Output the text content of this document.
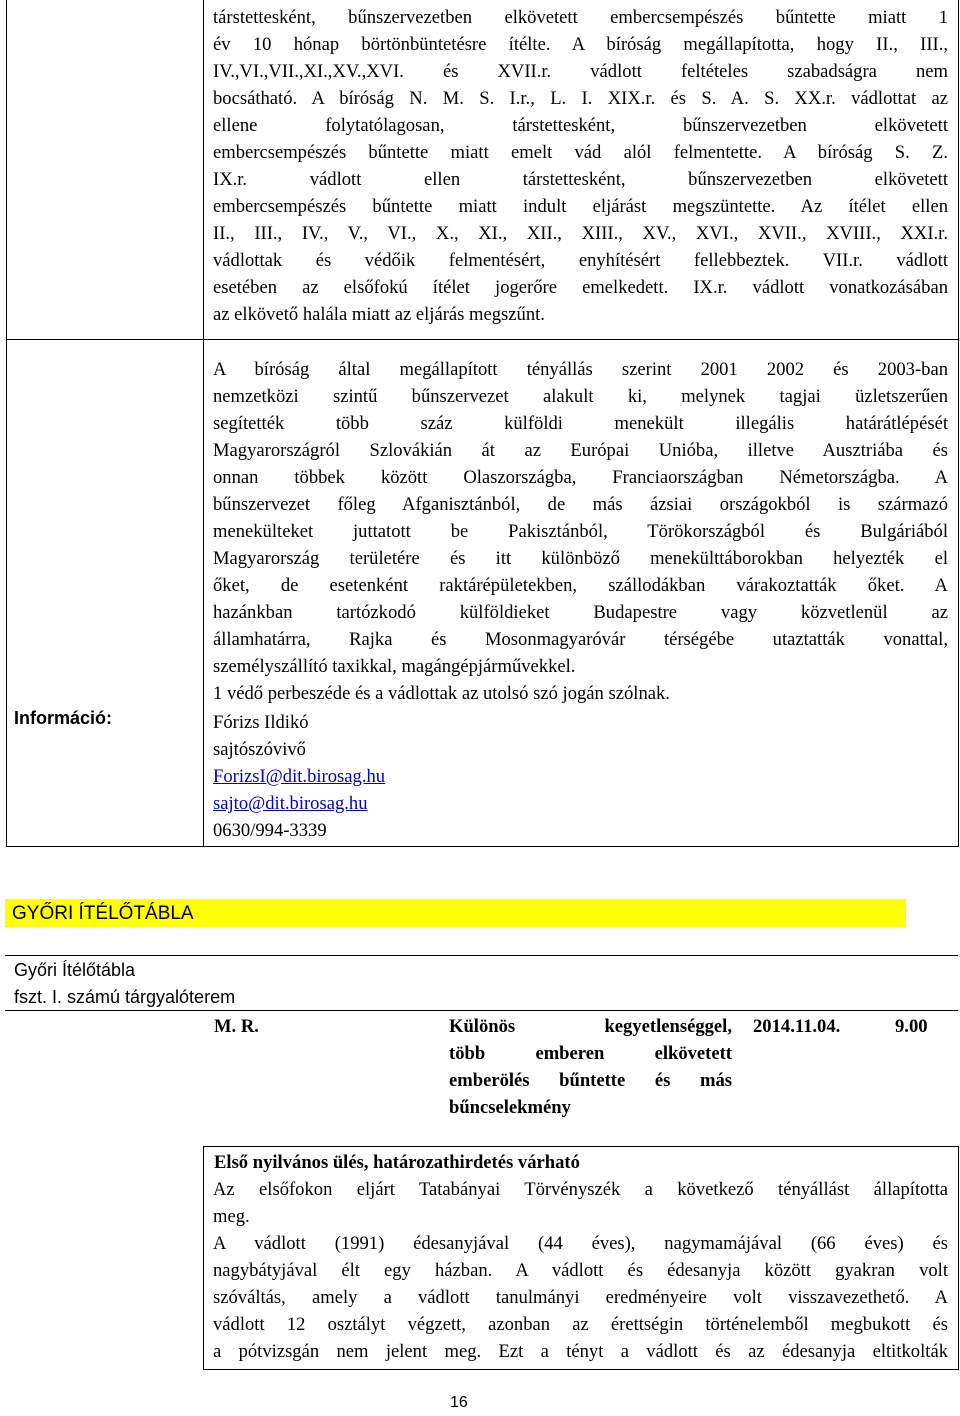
Információ:
társtettesként, bűnszervezetben elkövetett embercsempészés bűntette miatt 1
év 10 hónap börtönbüntetésre ítélte. A bíróság megállapította, hogy II., III.,
IV.,VI.,VII.,XI.,XV.,XVI. és XVII.r. vádlott feltételes szabadságra nem
bocsátható. A bíróság N. M. S. I.r., L. I. XIX.r. és S. A. S. XX.r. vádlottat az
ellene folytatólagosan, társtettesként, bűnszervezetben elkövetett
embercsempészés bűntette miatt emelt vád alól felmentette. A bíróság S. Z.
IX.r. vádlott ellen társtettesként, bűnszervezetben elkövetett
embercsempészés bűntette miatt indult eljárást megszüntette. Az ítélet ellen
II., III., IV., V., VI., X., XI., XII., XIII., XV., XVI., XVII., XVIII., XXI.r.
vádlottak és védőik felmentésért, enyhítésért fellebbeztek. VII.r. vádlott
esetében az elsőfokú ítélet jogerőre emelkedett. IX.r. vádlott vonatkozásában
az elkövető halála miatt az eljárás megszűnt.
A bíróság által megállapított tényállás szerint 2001 2002 és 2003-ban
nemzetközi szintű bűnszervezet alakult ki, melynek tagjai üzletszerűen
segítették több száz külföldi menekült illegális határátlépését
Magyarországról Szlovákián át az Európai Unióba, illetve Ausztriába és
onnan többek között Olaszországba, Franciaországban Németországba. A
bűnszervezet főleg Afganisztánból, de más ázsiai országokból is származó
menekülteket juttatott be Pakisztánból, Törökországból és Bulgáriából
Magyarország területére és itt különböző menekülttáborokban helyezték el
őket, de esetenként raktárépületekben, szállodákban várakoztatták őket. A
hazánkban tartózkodó külföldieket Budapestre vagy közvetlenül az
államhatárra, Rajka és Mosonmagyaróvár térségébe utaztatták vonattal,
személyszállító taxikkal, magángépjárművekkel.
1 védő perbeszéde és a vádlottak az utolsó szó jogán szólnak.
Fórizs Ildikó
sajtószóvivő
ForizsI@dit.birosag.hu
sajto@dit.birosag.hu
0630/994-3339
GYŐRI ÍTÉLŐTÁBLA
Győri Ítélőtábla
fszt. I. számú tárgyalóterem
M. R.	Különös kegyetlenséggel,
több emberen elkövetett
emberölés bűntette és más
bűncselekmény
2014.11.04.	9.00
Első nyilvános ülés, határozathirdetés várható
Az elsőfokon eljárt Tatabányai Törvényszék a következő tényállást állapította
meg.
A vádlott (1991) édesanyjával (44 éves), nagymamájával (66 éves) és
nagybátyjával élt egy házban. A vádlott és édesanyja között gyakran volt
szóváltás, amely a vádlott tanulmányi eredményeire volt visszavezethető. A
vádlott 12 osztályt végzett, azonban az érettségin történelemből megbukott és
a pótvizsgán nem jelent meg. Ezt a tényt a vádlott és az édesanyja eltitkolták
16
